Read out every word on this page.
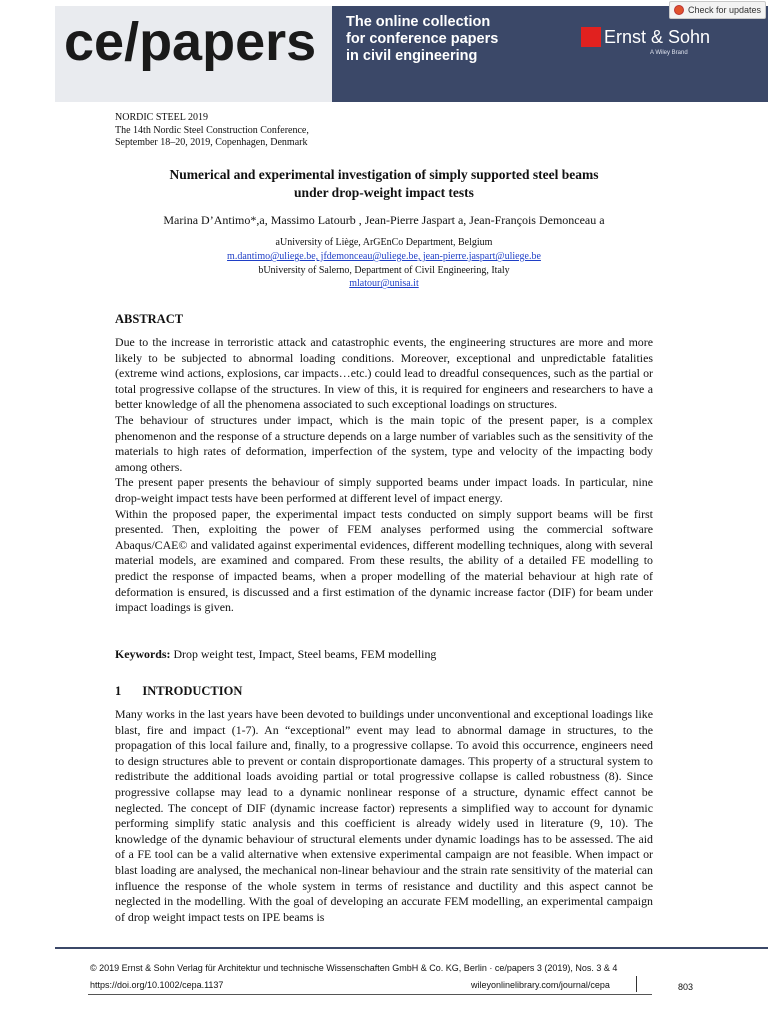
ce/papers The online collection
for conference papers
in civil engineering
Ernst & Sohn
A Wiley Brand
Check for updates
NORDIC STEEL 2019
The 14th Nordic Steel Construction Conference,
September 18–20, 2019, Copenhagen, Denmark
Numerical and experimental investigation of simply supported steel beams
under drop-weight impact tests
Marina D’Antimo*,a, Massimo Latourb , Jean-Pierre Jaspart a, Jean-François Demonceau a
aUniversity of Liège, ArGEnCo Department, Belgium
m.dantimo@uliege.be, jfdemonceau@uliege.be, jean-pierre.jaspart@uliege.be
bUniversity of Salerno, Department of Civil Engineering, Italy
mlatour@unisa.it
ABSTRACT

Due to the increase in terroristic attack and catastrophic events, the engineering structures are more and more likely to be subjected to abnormal loading conditions. Moreover, exceptional and unpredictable fatalities (extreme wind actions, explosions, car impacts…etc.) could lead to dreadful consequences, such as the partial or total progressive collapse of the structures. In view of this, it is required for engineers and researchers to have a better knowledge of all the phenomena associated to such exceptional loadings on structures.

The behaviour of structures under impact, which is the main topic of the present paper, is a complex phenomenon and the response of a structure depends on a large number of variables such as the sensitivity of the materials to high rates of deformation, imperfection of the system, type and velocity of the impacting body among others.

The present paper presents the behaviour of simply supported beams under impact loads. In particular, nine drop-weight impact tests have been performed at different level of impact energy.

Within the proposed paper, the experimental impact tests conducted on simply support beams will be first presented. Then, exploiting the power of FEM analyses performed using the commercial software Abaqus/CAE© and validated against experimental evidences, different modelling techniques, along with several material models, are examined and compared. From these results, the ability of a detailed FE modelling to predict the response of impacted beams, when a proper modelling of the material behaviour at high rate of deformation is ensured, is discussed and a first estimation of the dynamic increase factor (DIF) for beam under impact loadings is given.

Keywords: Drop weight test, Impact, Steel beams, FEM modelling
1 INTRODUCTION
Many works in the last years have been devoted to buildings under unconventional and exceptional loadings like blast, fire and impact (1-7). An “exceptional” event may lead to abnormal damage in structures, to the propagation of this local failure and, finally, to a progressive collapse. To avoid this occurrence, engineers need to design structures able to prevent or contain disproportionate damages. This property of a structural system to redistribute the additional loads avoiding partial or total progressive collapse is called robustness (8). Since progressive collapse may lead to a dynamic nonlinear response of a structure, dynamic effect cannot be neglected. The concept of DIF (dynamic increase factor) represents a simplified way to account for dynamic performing simplify static analysis and this coefficient is already widely used in literature (9, 10). The knowledge of the dynamic behaviour of structural elements under dynamic loadings has to be assessed. The aid of a FE tool can be a valid alternative when extensive experimental campaign are not feasible. When impact or blast loading are analysed, the mechanical non-linear behaviour and the strain rate sensitivity of the material can influence the response of the whole system in terms of resistance and ductility and this aspect cannot be neglected in the modelling. With the goal of developing an accurate FEM modelling, an experimental campaign of drop weight impact tests on IPE beams is
© 2019 Ernst & Sohn Verlag für Architektur und technische Wissenschaften GmbH & Co. KG, Berlin · ce/papers 3 (2019), Nos. 3 & 4
https://doi.org/10.1002/cepa.1137	wileyonlinelibrary.com/journal/cepa	803
